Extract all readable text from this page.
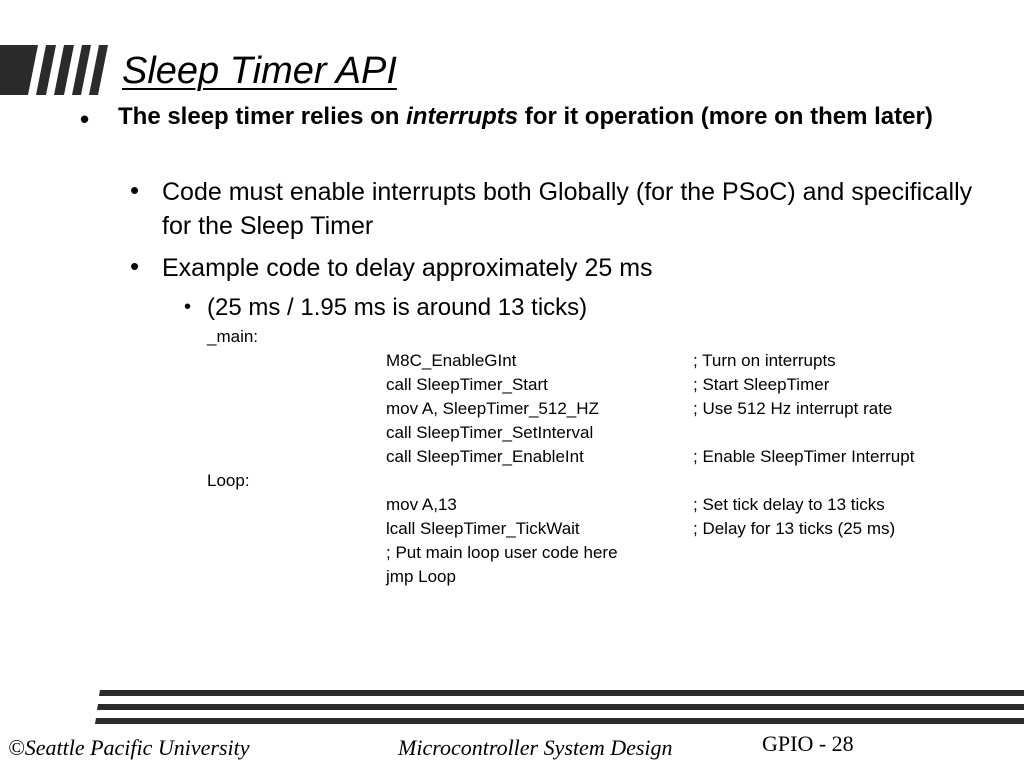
Sleep Timer API
• The sleep timer relies on interrupts for it operation (more on them later)
• Code must enable interrupts both Globally (for the PSoC) and specifically for the Sleep Timer
• Example code to delay approximately 25 ms
• (25 ms / 1.95 ms is around 13 ticks)
_main:
M8C_EnableGInt	; Turn on interrupts
call SleepTimer_Start	; Start SleepTimer
mov A, SleepTimer_512_HZ	; Use 512 Hz interrupt rate
call SleepTimer_SetInterval
call SleepTimer_EnableInt	; Enable SleepTimer Interrupt
Loop:
mov A,13	; Set tick delay to 13 ticks
lcall SleepTimer_TickWait	; Delay for 13 ticks (25 ms)
; Put main loop user code here
jmp Loop
©Seattle Pacific University	Microcontroller System Design	GPIO - 28
